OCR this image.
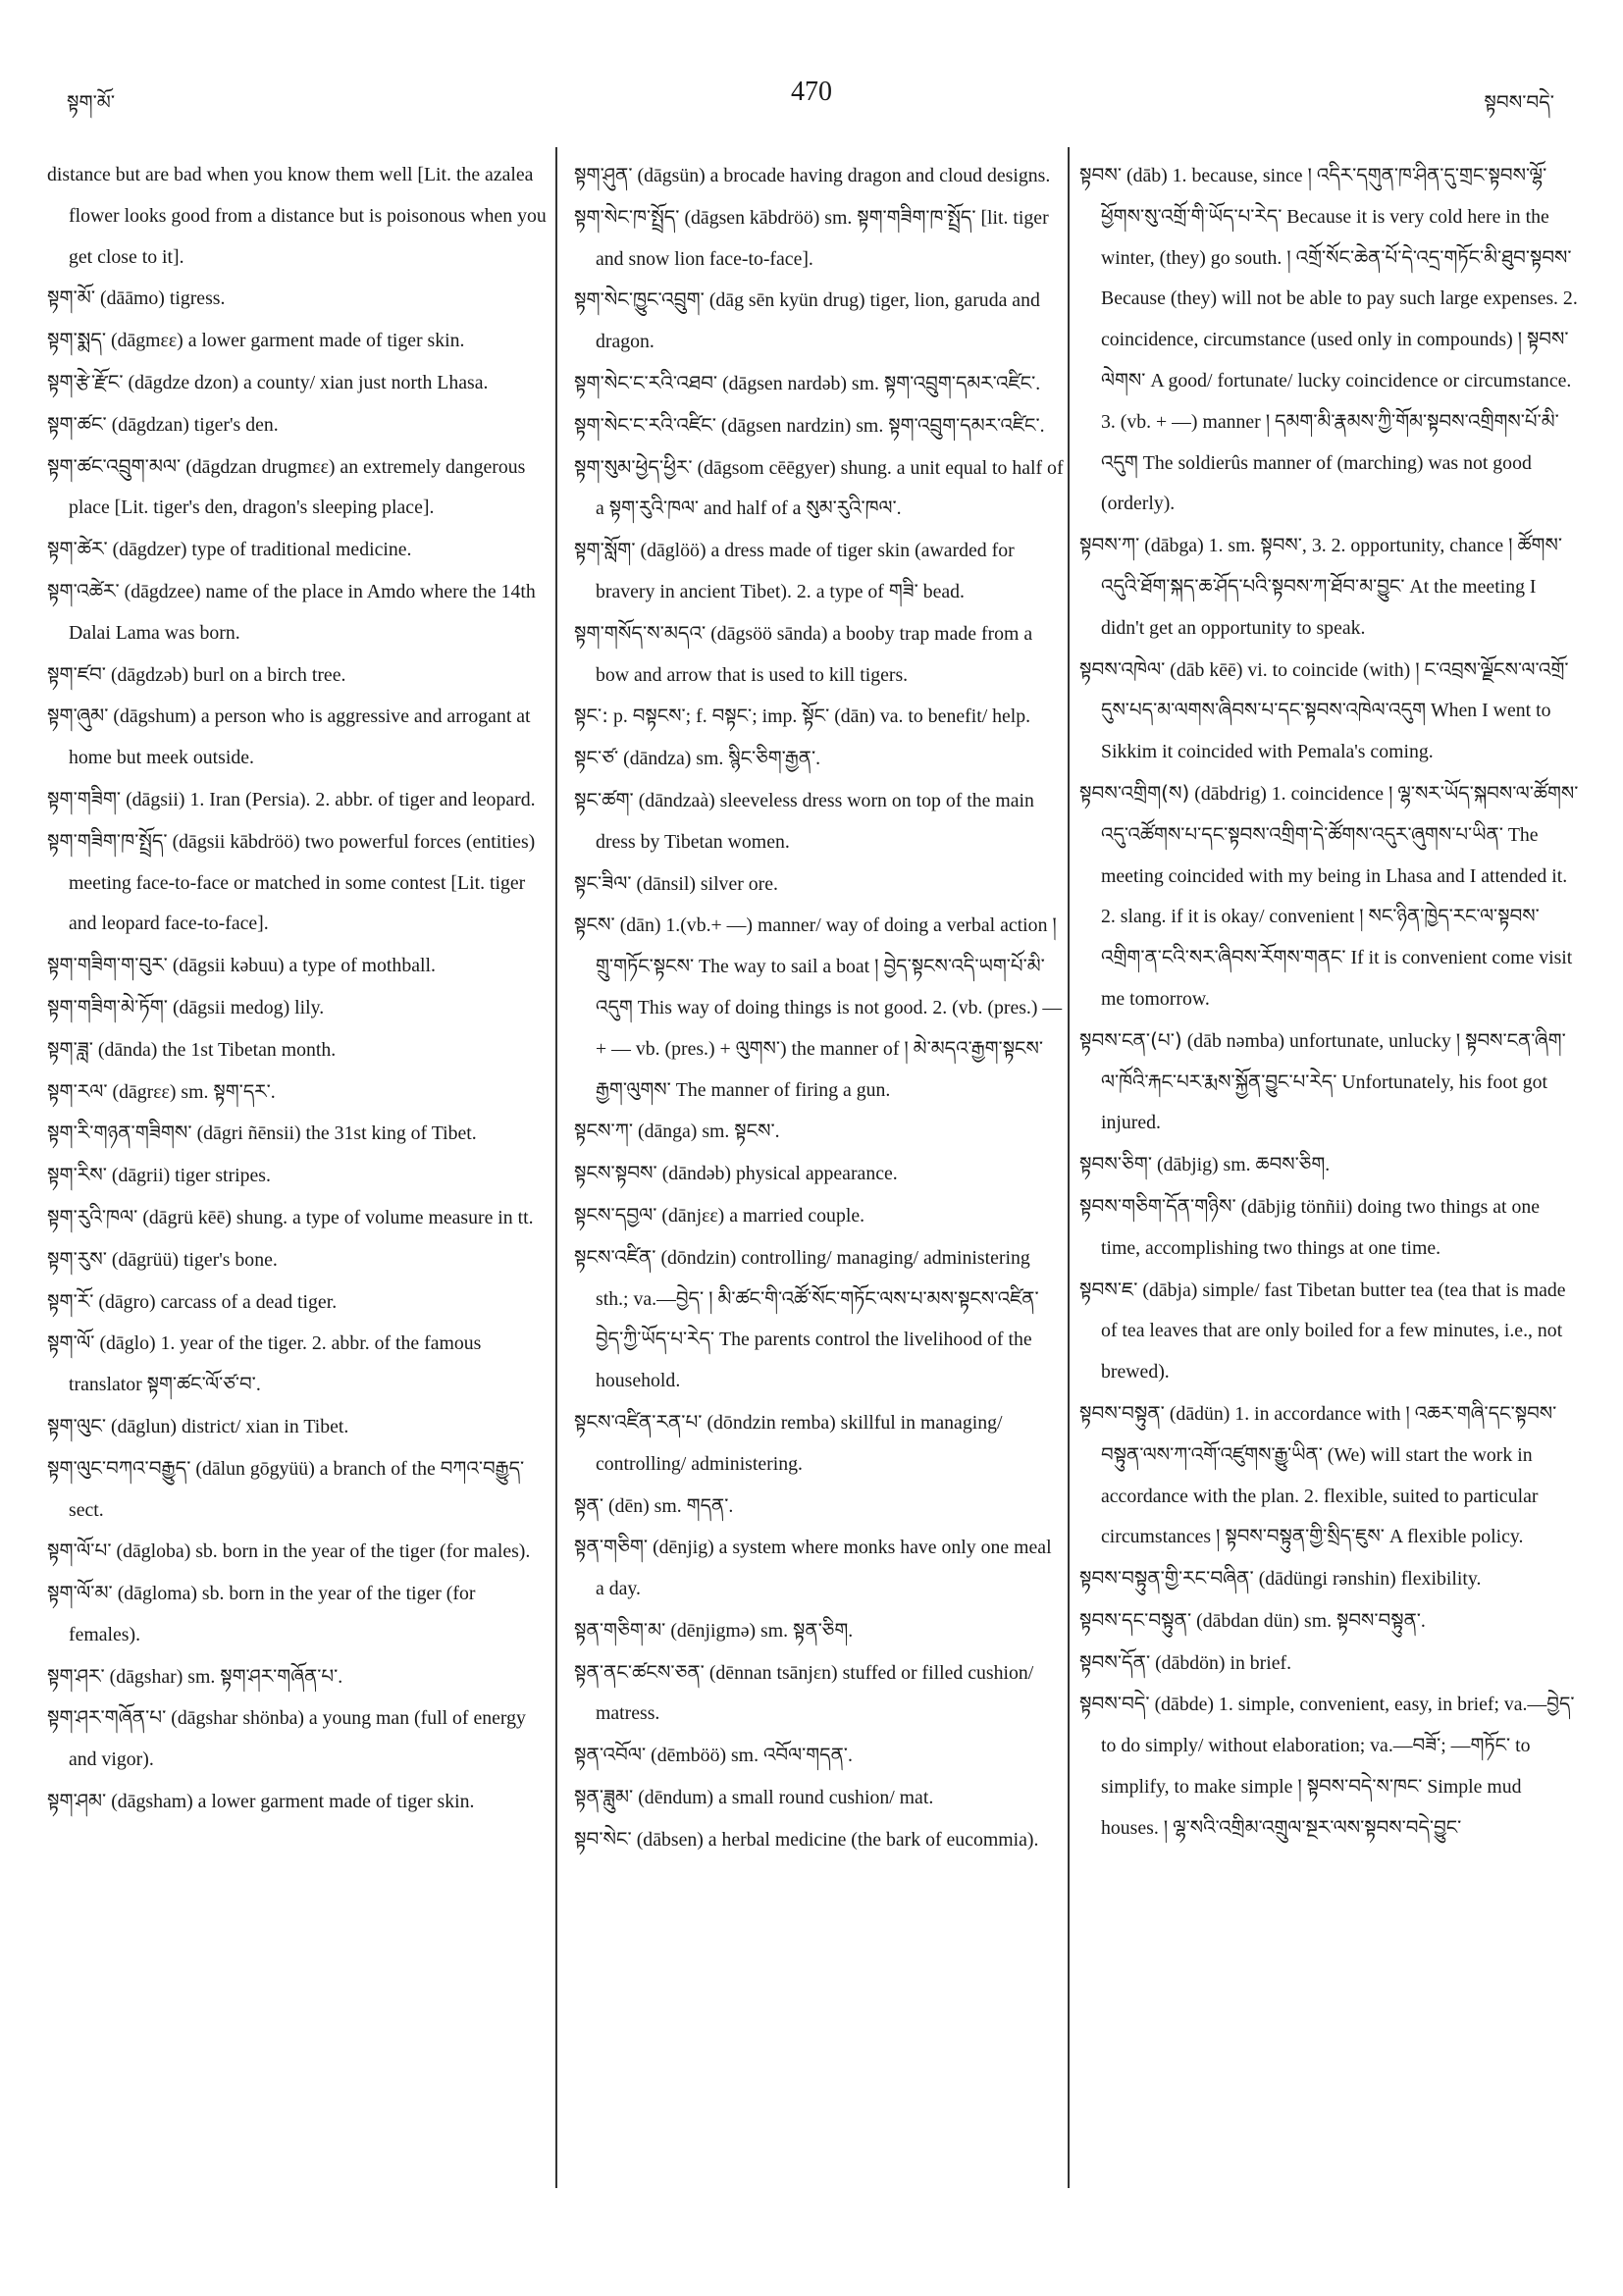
སྟག་མོ་	470	སྟབས་བདེ་

distance but are bad when you know them well [Lit. the azalea flower looks good from a distance but is poisonous when you get close to it].

སྟག་མོ་ (dāāmo) tigress.

སྟག་སྨད་ (dāgmεε) a lower garment made of tiger skin.

སྟག་རྩེ་རྫོང་ (dāgdze dzon) a county/ xian just north Lhasa.

སྟག་ཚང་ (dāgdzan) tiger's den.

སྟག་ཚང་འབྲུག་མལ་ (dāgdzan drugmεε) an extremely dangerous place [Lit. tiger's den, dragon's sleeping place].

སྟག་ཚེར་ (dāgdzer) type of traditional medicine.

སྟག་འཚེར་ (dāgdzee) name of the place in Amdo where the 14th Dalai Lama was born.

སྟག་ཛབ་ (dāgdzəb) burl on a birch tree.

སྟག་ཞུམ་ (dāgshum) a person who is aggressive and arrogant at home but meek outside.

སྟག་གཟིག་ (dāgsii) 1. Iran (Persia). 2. abbr. of tiger and leopard.

སྟག་གཟིག་ཁ་སྤྲོད་ (dāgsii kābdröö) two powerful forces (entities) meeting face-to-face or matched in some contest [Lit. tiger and leopard face-to-face].

སྟག་གཟིག་ག་བུར་ (dāgsii kəbuu) a type of mothball.

སྟག་གཟིག་མེ་ཏོག་ (dāgsii medog) lily.

སྟག་ཟླ་ (dānda) the 1st Tibetan month.

སྟག་རལ་ (dāgrεε) sm. སྟག་དར་.

སྟག་རི་གཉན་གཟིགས་ (dāgri ñēnsii) the 31st king of Tibet.

སྟག་རིས་ (dāgrii) tiger stripes.

སྟག་རུའི་ཁལ་ (dāgrü kēē) shung. a type of volume measure in tt.

སྟག་རུས་ (dāgrüü) tiger's bone.

སྟག་རོ་ (dāgro) carcass of a dead tiger.

སྟག་ལོ་ (dāglo) 1. year of the tiger. 2. abbr. of the famous translator སྟག་ཚང་ལོ་ཙ་བ་.

སྟག་ལུང་ (dāglun) district/ xian in Tibet.

སྟག་ལུང་བཀའ་བརྒྱུད་ (dālun gōgyüü) a branch of the བཀའ་བརྒྱུད་ sect.

སྟག་ལོ་པ་ (dāgloba) sb. born in the year of the tiger (for males).

སྟག་ལོ་མ་ (dāgloma) sb. born in the year of the tiger (for females).

སྟག་ཤར་ (dāgshar) sm. སྟག་ཤར་གཞོན་པ་.

སྟག་ཤར་གཞོན་པ་ (dāgshar shönba) a young man (full of energy and vigor).

སྟག་ཤམ་ (dāgsham) a lower garment made of tiger skin.

སྟག་ཤུན་ (dāgsün) a brocade having dragon and cloud designs.

སྟག་སེང་ཁ་སྤྲོད་ (dāgsen kābdröö) sm. སྟག་གཟིག་ཁ་སྤྲོད་ [lit. tiger and snow lion face-to-face].

སྟག་སེང་ཁྱུང་འབྲུག་ (dāg sēn kyün drug) tiger, lion, garuda and dragon.

སྟག་སེང་ང་རའི་འཐབ་ (dāgsen nardəb) sm. སྟག་འབྲུག་དམར་འཛིང་.

སྟག་སེང་ང་རའི་འཛིང་ (dāgsen nardzin) sm. སྟག་འབྲུག་དམར་འཛིང་.

སྟག་སུམ་ཕྱེད་ཕྱིར་ (dāgsom cēēgyer) shung. a unit equal to half of a སྟག་རུའི་ཁལ་ and half of a སུམ་རུའི་ཁལ་.

སྟག་སློག་ (dāglöö) a dress made of tiger skin (awarded for bravery in ancient Tibet). 2. a type of གཟི་ bead.

སྟག་གསོད་ས་མདའ་ (dāgsöö sānda) a booby trap made from a bow and arrow that is used to kill tigers.

སྟང་: p. བསྟངས་; f. བསྟང་; imp. སྟོང་ (dān) va. to benefit/ help.

སྟང་ཙ་ (dāndza) sm. སྙིང་ཅིག་རྒྱན་.

སྟང་ཚག་ (dāndzaà) sleeveless dress worn on top of the main dress by Tibetan women.

སྟང་ཟིལ་ (dānsil) silver ore.

སྟངས་ (dān) 1.(vb.+ —) manner/ way of doing a verbal action ། གྲུ་གཏོང་སྟངས་ The way to sail a boat ། བྱེད་སྟངས་འདི་ཡག་པོ་མི་འདུག This way of doing things is not good. 2. (vb. (pres.) — + — vb. (pres.) + ལུགས་) the manner of ། མེ་མདའ་རྒྱག་སྟངས་རྒྱག་ལུགས་ The manner of firing a gun.

སྟངས་ཀ་ (dānga) sm. སྟངས་.

སྟངས་སྟབས་ (dāndəb) physical appearance.

སྟངས་དབྱལ་ (dānjεε) a married couple.

སྟངས་འཛིན་ (dōndzin) controlling/ managing/ administering sth.; va.—བྱེད་ ། མི་ཚང་གི་འཚོ་སོང་གཏོང་ལས་པ་མས་སྟངས་འཛིན་བྱེད་ཀྱི་ཡོད་པ་རེད་ The parents control the livelihood of the household.

སྟངས་འཛིན་རན་པ་ (dōndzin remba) skillful in managing/ controlling/ administering.

སྟན་ (dēn) sm. གདན་.

སྟན་གཅིག་ (dēnjig) a system where monks have only one meal a day.

སྟན་གཅིག་མ་ (dēnjigmə) sm. སྟན་ཅིག.

སྟན་ནང་ཚངས་ཅན་ (dēnnan tsānjεn) stuffed or filled cushion/ matress.

སྟན་འབོལ་ (dēmböö) sm. འབོལ་གདན་.

སྟན་ཟླུམ་ (dēndum) a small round cushion/ mat.

སྟབ་སེང་ (dābsen) a herbal medicine (the bark of eucommia).

སྟབས་ (dāb) 1. because, since ། འདིར་དགུན་ཁ་ཤིན་དུ་གྲང་སྟབས་ལྷོ་ཕྱོགས་སུ་འགྲོ་གི་ཡོད་པ་རེད་ Because it is very cold here in the winter, (they) go south. ། འགྲོ་སོང་ཆེན་པོ་དེ་འདྲ་གཏོང་མི་ཐུབ་སྟབས་ Because (they) will not be able to pay such large expenses. 2. coincidence, circumstance (used only in compounds) ། སྟབས་ལེགས་ A good/ fortunate/ lucky coincidence or circumstance. 3. (vb. + —) manner ། དམག་མི་རྣམས་ཀྱི་གོམ་སྟབས་འགྲིགས་པོ་མི་འདུག The soldierûs manner of (marching) was not good (orderly).

སྟབས་ཀ་ (dābga) 1. sm. སྟབས་, 3. 2. opportunity, chance ། ཚོགས་འདུའི་ཐོག་སྐད་ཆ་ཤོད་པའི་སྟབས་ཀ་ཐོབ་མ་བྱུང་ At the meeting I didn't get an opportunity to speak.

སྟབས་འཁེལ་ (dāb kēē) vi. to coincide (with) ། ང་འབྲས་ལྗོངས་ལ་འགྲོ་དུས་པད་མ་ལགས་ཞིབས་པ་དང་སྟབས་འཁེལ་འདུག When I went to Sikkim it coincided with Pemala's coming.

སྟབས་འགྲིག(ས) (dābdrig) 1. coincidence ། ལྷ་སར་ཡོད་སྐབས་ལ་ཚོགས་འདུ་འཚོགས་པ་དང་སྟབས་འགྲིག་དེ་ཚོགས་འདུར་ཞུགས་པ་ཡིན་ The meeting coincided with my being in Lhasa and I attended it. 2. slang. if it is okay/ convenient ། སང་ཉིན་ཁྱེད་རང་ལ་སྟབས་འགྲིག་ན་ངའི་སར་ཞིབས་རོགས་གནང་ If it is convenient come visit me tomorrow.

སྟབས་ངན་(པ་) (dāb nəmba) unfortunate, unlucky ། སྟབས་ངན་ཞིག་ལ་ཁོའི་རྐང་པར་རྨས་སྐྱོན་བྱུང་པ་རེད་ Unfortunately, his foot got injured.

སྟབས་ཅིག་ (dābjig) sm. ཆབས་ཅིག.

སྟབས་གཅིག་དོན་གཉིས་ (dābjig tönñii) doing two things at one time, accomplishing two things at one time.

སྟབས་ཇ་ (dābja) simple/ fast Tibetan butter tea (tea that is made of tea leaves that are only boiled for a few minutes, i.e., not brewed).

སྟབས་བསྟུན་ (dādün) 1. in accordance with ། འཆར་གཞི་དང་སྟབས་བསྟུན་ལས་ཀ་འགོ་འཛུགས་རྒྱུ་ཡིན་ (We) will start the work in accordance with the plan. 2. flexible, suited to particular circumstances ། སྟབས་བསྟུན་གྱི་སྲིད་ཇུས་ A flexible policy.

སྟབས་བསྟུན་གྱི་རང་བཞིན་ (dādüngi rənshin) flexibility.

སྟབས་དང་བསྟུན་ (dābdan dün) sm. སྟབས་བསྟུན་.

སྟབས་དོན་ (dābdön) in brief.

སྟབས་བདེ་ (dābde) 1. simple, convenient, easy, in brief; va.—བྱེད་ to do simply/ without elaboration; va.—བཟོ་; —གཏོང་ to simplify, to make simple ། སྟབས་བདེ་ས་ཁང་ Simple mud houses. ། ལྷ་སའི་འགྲིམ་འགྲུལ་སྔར་ལས་སྟབས་བདེ་བྱུང་
